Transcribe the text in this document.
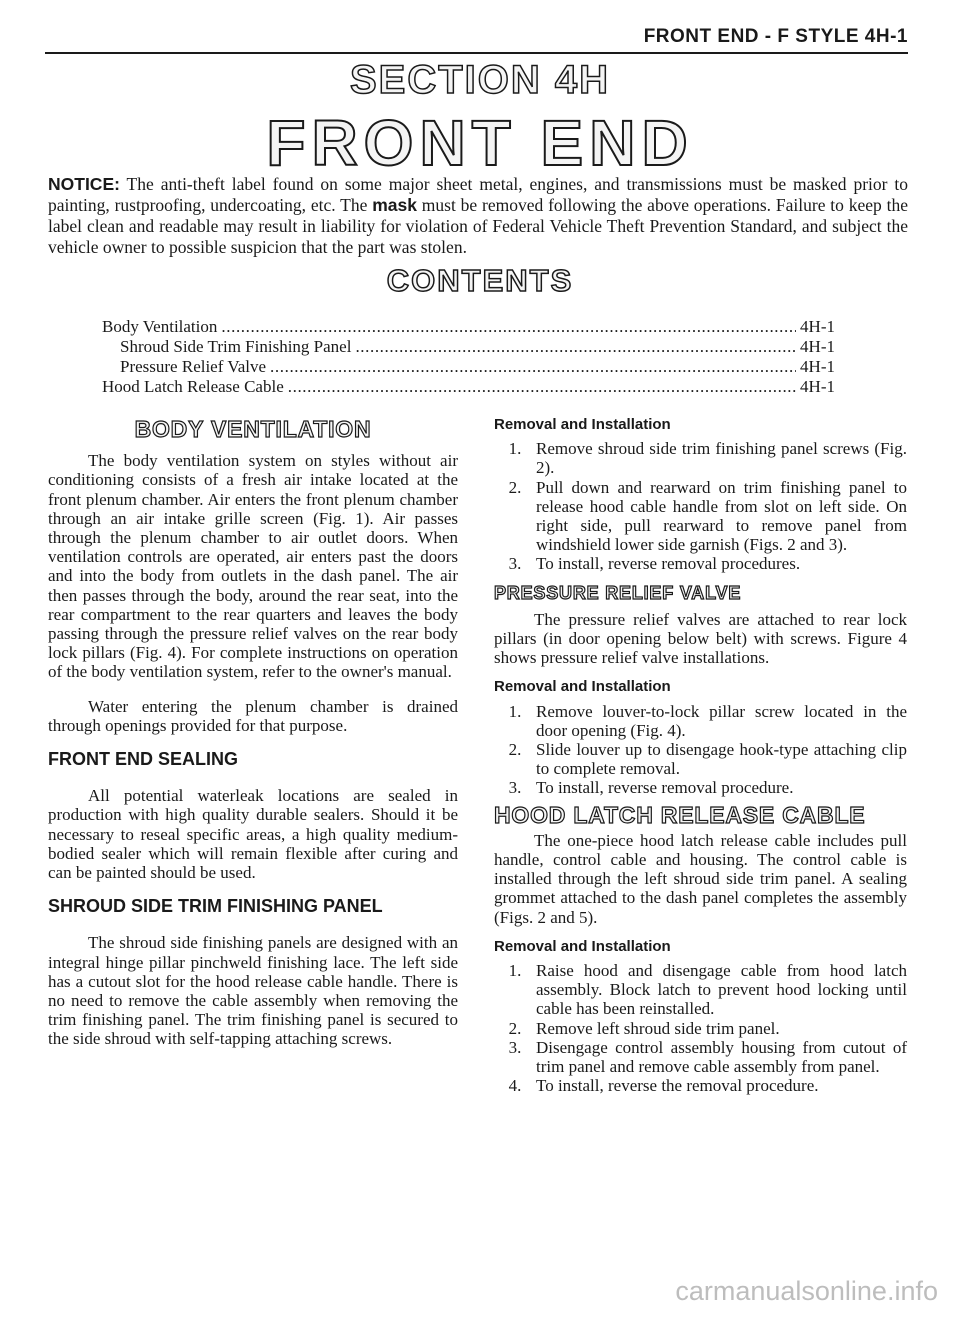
FRONT END - F STYLE 4H-1
SECTION 4H
FRONT END
NOTICE: The anti-theft label found on some major sheet metal, engines, and transmissions must be masked prior to painting, rustproofing, undercoating, etc. The mask must be removed following the above operations. Failure to keep the label clean and readable may result in liability for violation of Federal Vehicle Theft Prevention Standard, and subject the vehicle owner to possible suspicion that the part was stolen.
CONTENTS
Body Ventilation .....	4H-1
Shroud Side Trim Finishing Panel .....	4H-1
Pressure Relief Valve .....	4H-1
Hood Latch Release Cable .....	4H-1
BODY VENTILATION

The body ventilation system on styles without air conditioning consists of a fresh air intake located at the front plenum chamber. Air enters the front plenum chamber through an air intake grille screen (Fig. 1). Air passes through the plenum chamber to air outlet doors. When ventilation controls are operated, air enters past the doors and into the body from outlets in the dash panel. The air then passes through the body, around the rear seat, into the rear compartment to the rear quarters and leaves the body passing through the pressure relief valves on the rear body lock pillars (Fig. 4). For complete instructions on operation of the body ventilation system, refer to the owner's manual.

Water entering the plenum chamber is drained through openings provided for that purpose.

FRONT END SEALING

All potential waterleak locations are sealed in production with high quality durable sealers. Should it be necessary to reseal specific areas, a high quality medium-bodied sealer which will remain flexible after curing and can be painted should be used.

SHROUD SIDE TRIM FINISHING PANEL

The shroud side finishing panels are designed with an integral hinge pillar pinchweld finishing lace. The left side has a cutout slot for the hood release cable handle. There is no need to remove the cable assembly when removing the trim finishing panel. The trim finishing panel is secured to the side shroud with self-tapping attaching screws.

Removal and Installation
1. Remove shroud side trim finishing panel screws (Fig. 2).
2. Pull down and rearward on trim finishing panel to release hood cable handle from slot on left side. On right side, pull rearward to remove panel from windshield lower side garnish (Figs. 2 and 3).
3. To install, reverse removal procedures.
PRESSURE RELIEF VALVE

The pressure relief valves are attached to rear lock pillars (in door opening below belt) with screws. Figure 4 shows pressure relief valve installations.

Removal and Installation
1. Remove louver-to-lock pillar screw located in the door opening (Fig. 4).
2. Slide louver up to disengage hook-type attaching clip to complete removal.
3. To install, reverse removal procedure.
HOOD LATCH RELEASE CABLE

The one-piece hood latch release cable includes pull handle, control cable and housing. The control cable is installed through the left shroud side trim panel. A sealing grommet attached to the dash panel completes the assembly (Figs. 2 and 5).

Removal and Installation
1. Raise hood and disengage cable from hood latch assembly. Block latch to prevent hood locking until cable has been reinstalled.
2. Remove left shroud side trim panel.
3. Disengage control assembly housing from cutout of trim panel and remove cable assembly from panel.
4. To install, reverse the removal procedure.
carmanualsonline.info
